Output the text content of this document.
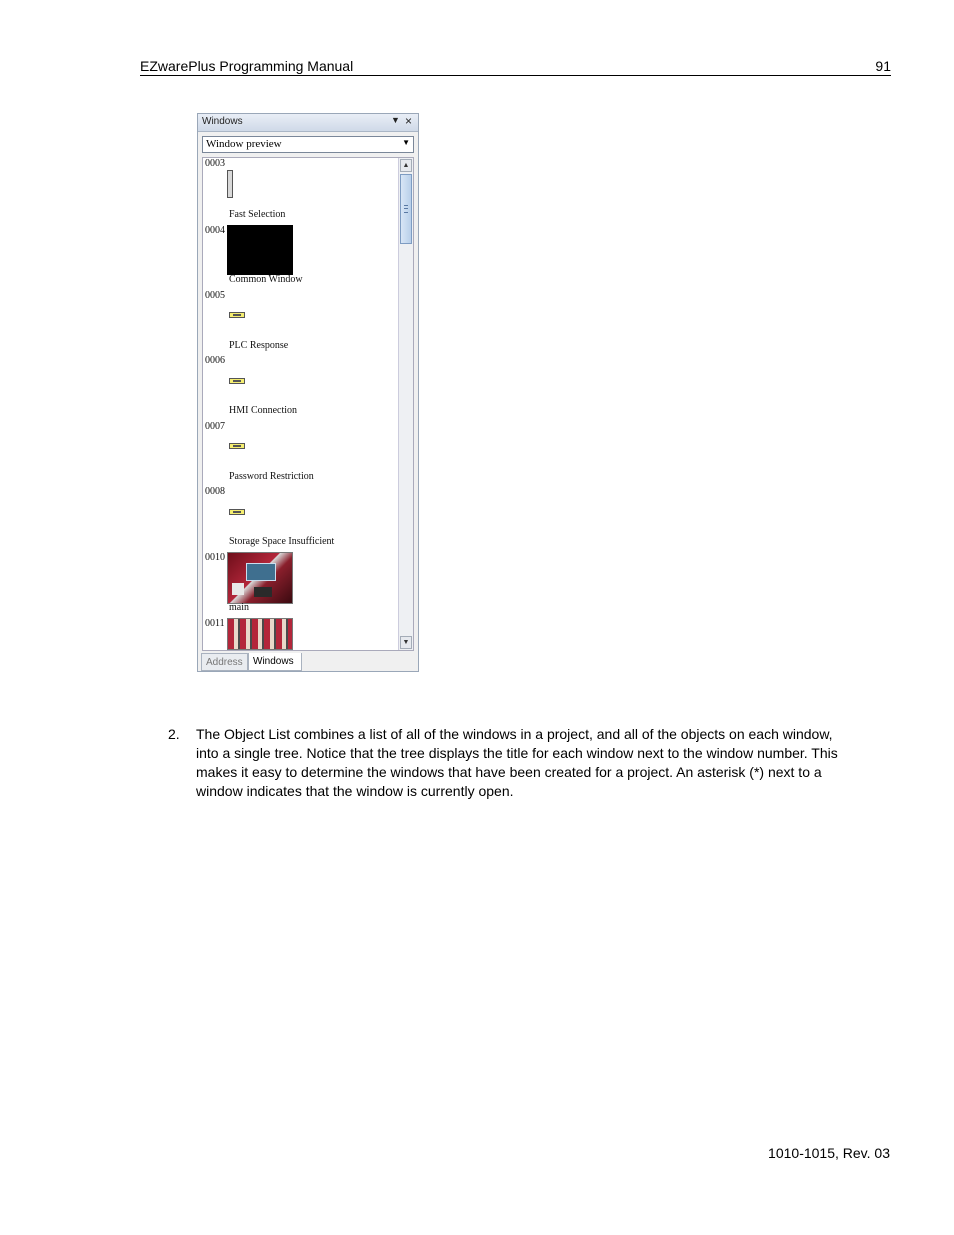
EZwarePlus Programming Manual	91
Windows	▼ ×
Window preview	▼
0003
Fast Selection
0004
Common Window
0005
PLC Response
0006
HMI Connection
0007
Password Restriction
0008
Storage Space Insufficient
0010
main
0011
▲
▼
Address	Windows
2. The Object List combines a list of all of the windows in a project, and all of the objects on each window, into a single tree. Notice that the tree displays the title for each window next to the window number. This makes it easy to determine the windows that have been created for a project. An asterisk (*) next to a window indicates that the window is currently open.
1010-1015, Rev. 03
